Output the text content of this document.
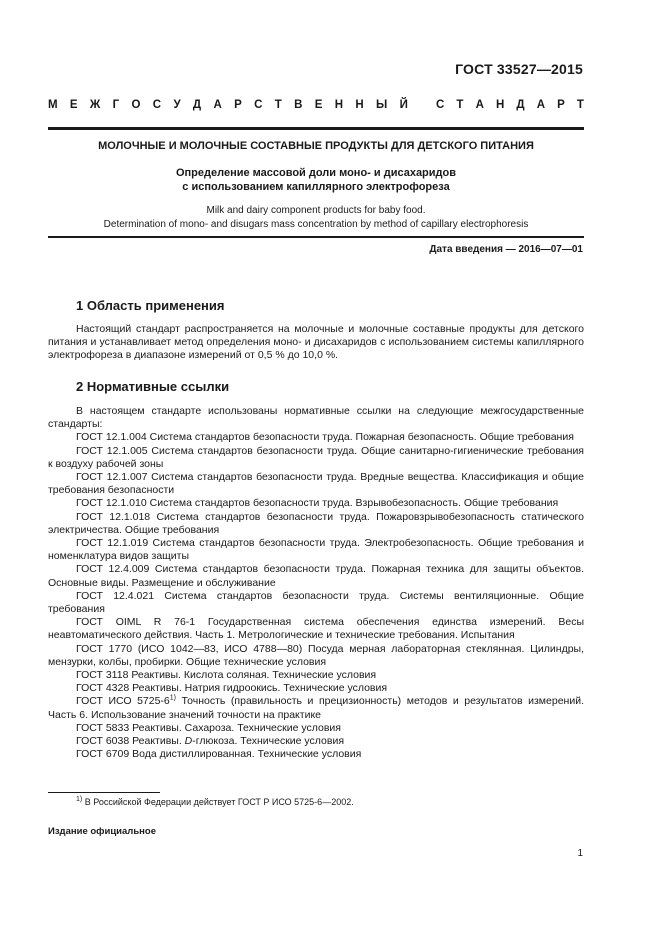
ГОСТ 33527—2015
М Е Ж Г О С У Д А Р С Т В Е Н Н Ы Й С Т А Н Д А Р Т
МОЛОЧНЫЕ И МОЛОЧНЫЕ СОСТАВНЫЕ ПРОДУКТЫ ДЛЯ ДЕТСКОГО ПИТАНИЯ
Определение массовой доли моно- и дисахаридов
с использованием капиллярного электрофореза
Milk and dairy component products for baby food.
Determination of mono- and disugars mass concentration by method of capillary electrophoresis
Дата введения — 2016—07—01
1 Область применения
Настоящий стандарт распространяется на молочные и молочные составные продукты для детского питания и устанавливает метод определения моно- и дисахаридов с использованием системы капиллярного электрофореза в диапазоне измерений от 0,5 % до 10,0 %.
2 Нормативные ссылки

В настоящем стандарте использованы нормативные ссылки на следующие межгосударственные стандарты:

ГОСТ 12.1.004 Система стандартов безопасности труда. Пожарная безопасность. Общие требования

ГОСТ 12.1.005 Система стандартов безопасности труда. Общие санитарно-гигиенические требования к воздуху рабочей зоны

ГОСТ 12.1.007 Система стандартов безопасности труда. Вредные вещества. Классификация и общие требования безопасности

ГОСТ 12.1.010 Система стандартов безопасности труда. Взрывобезопасность. Общие требования

ГОСТ 12.1.018 Система стандартов безопасности труда. Пожаровзрывобезопасность статического электричества. Общие требования

ГОСТ 12.1.019 Система стандартов безопасности труда. Электробезопасность. Общие требования и номенклатура видов защиты

ГОСТ 12.4.009 Система стандартов безопасности труда. Пожарная техника для защиты объектов. Основные виды. Размещение и обслуживание

ГОСТ 12.4.021 Система стандартов безопасности труда. Системы вентиляционные. Общие требования

ГОСТ OIML R 76-1 Государственная система обеспечения единства измерений. Весы неавтоматического действия. Часть 1. Метрологические и технические требования. Испытания

ГОСТ 1770 (ИСО 1042—83, ИСО 4788—80) Посуда мерная лабораторная стеклянная. Цилиндры, мензурки, колбы, пробирки. Общие технические условия

ГОСТ 3118 Реактивы. Кислота соляная. Технические условия

ГОСТ 4328 Реактивы. Натрия гидроокись. Технические условия

ГОСТ ИСО 5725-6$^{1)}$ Точность (правильность и прецизионность) методов и результатов измерений. Часть 6. Использование значений точности на практике

ГОСТ 5833 Реактивы. Сахароза. Технические условия

ГОСТ 6038 Реактивы. D-глюкоза. Технические условия

ГОСТ 6709 Вода дистиллированная. Технические условия

$^{1)}$ В Российской Федерации действует ГОСТ Р ИСО 5725-6—2002.
Издание официальное
1
